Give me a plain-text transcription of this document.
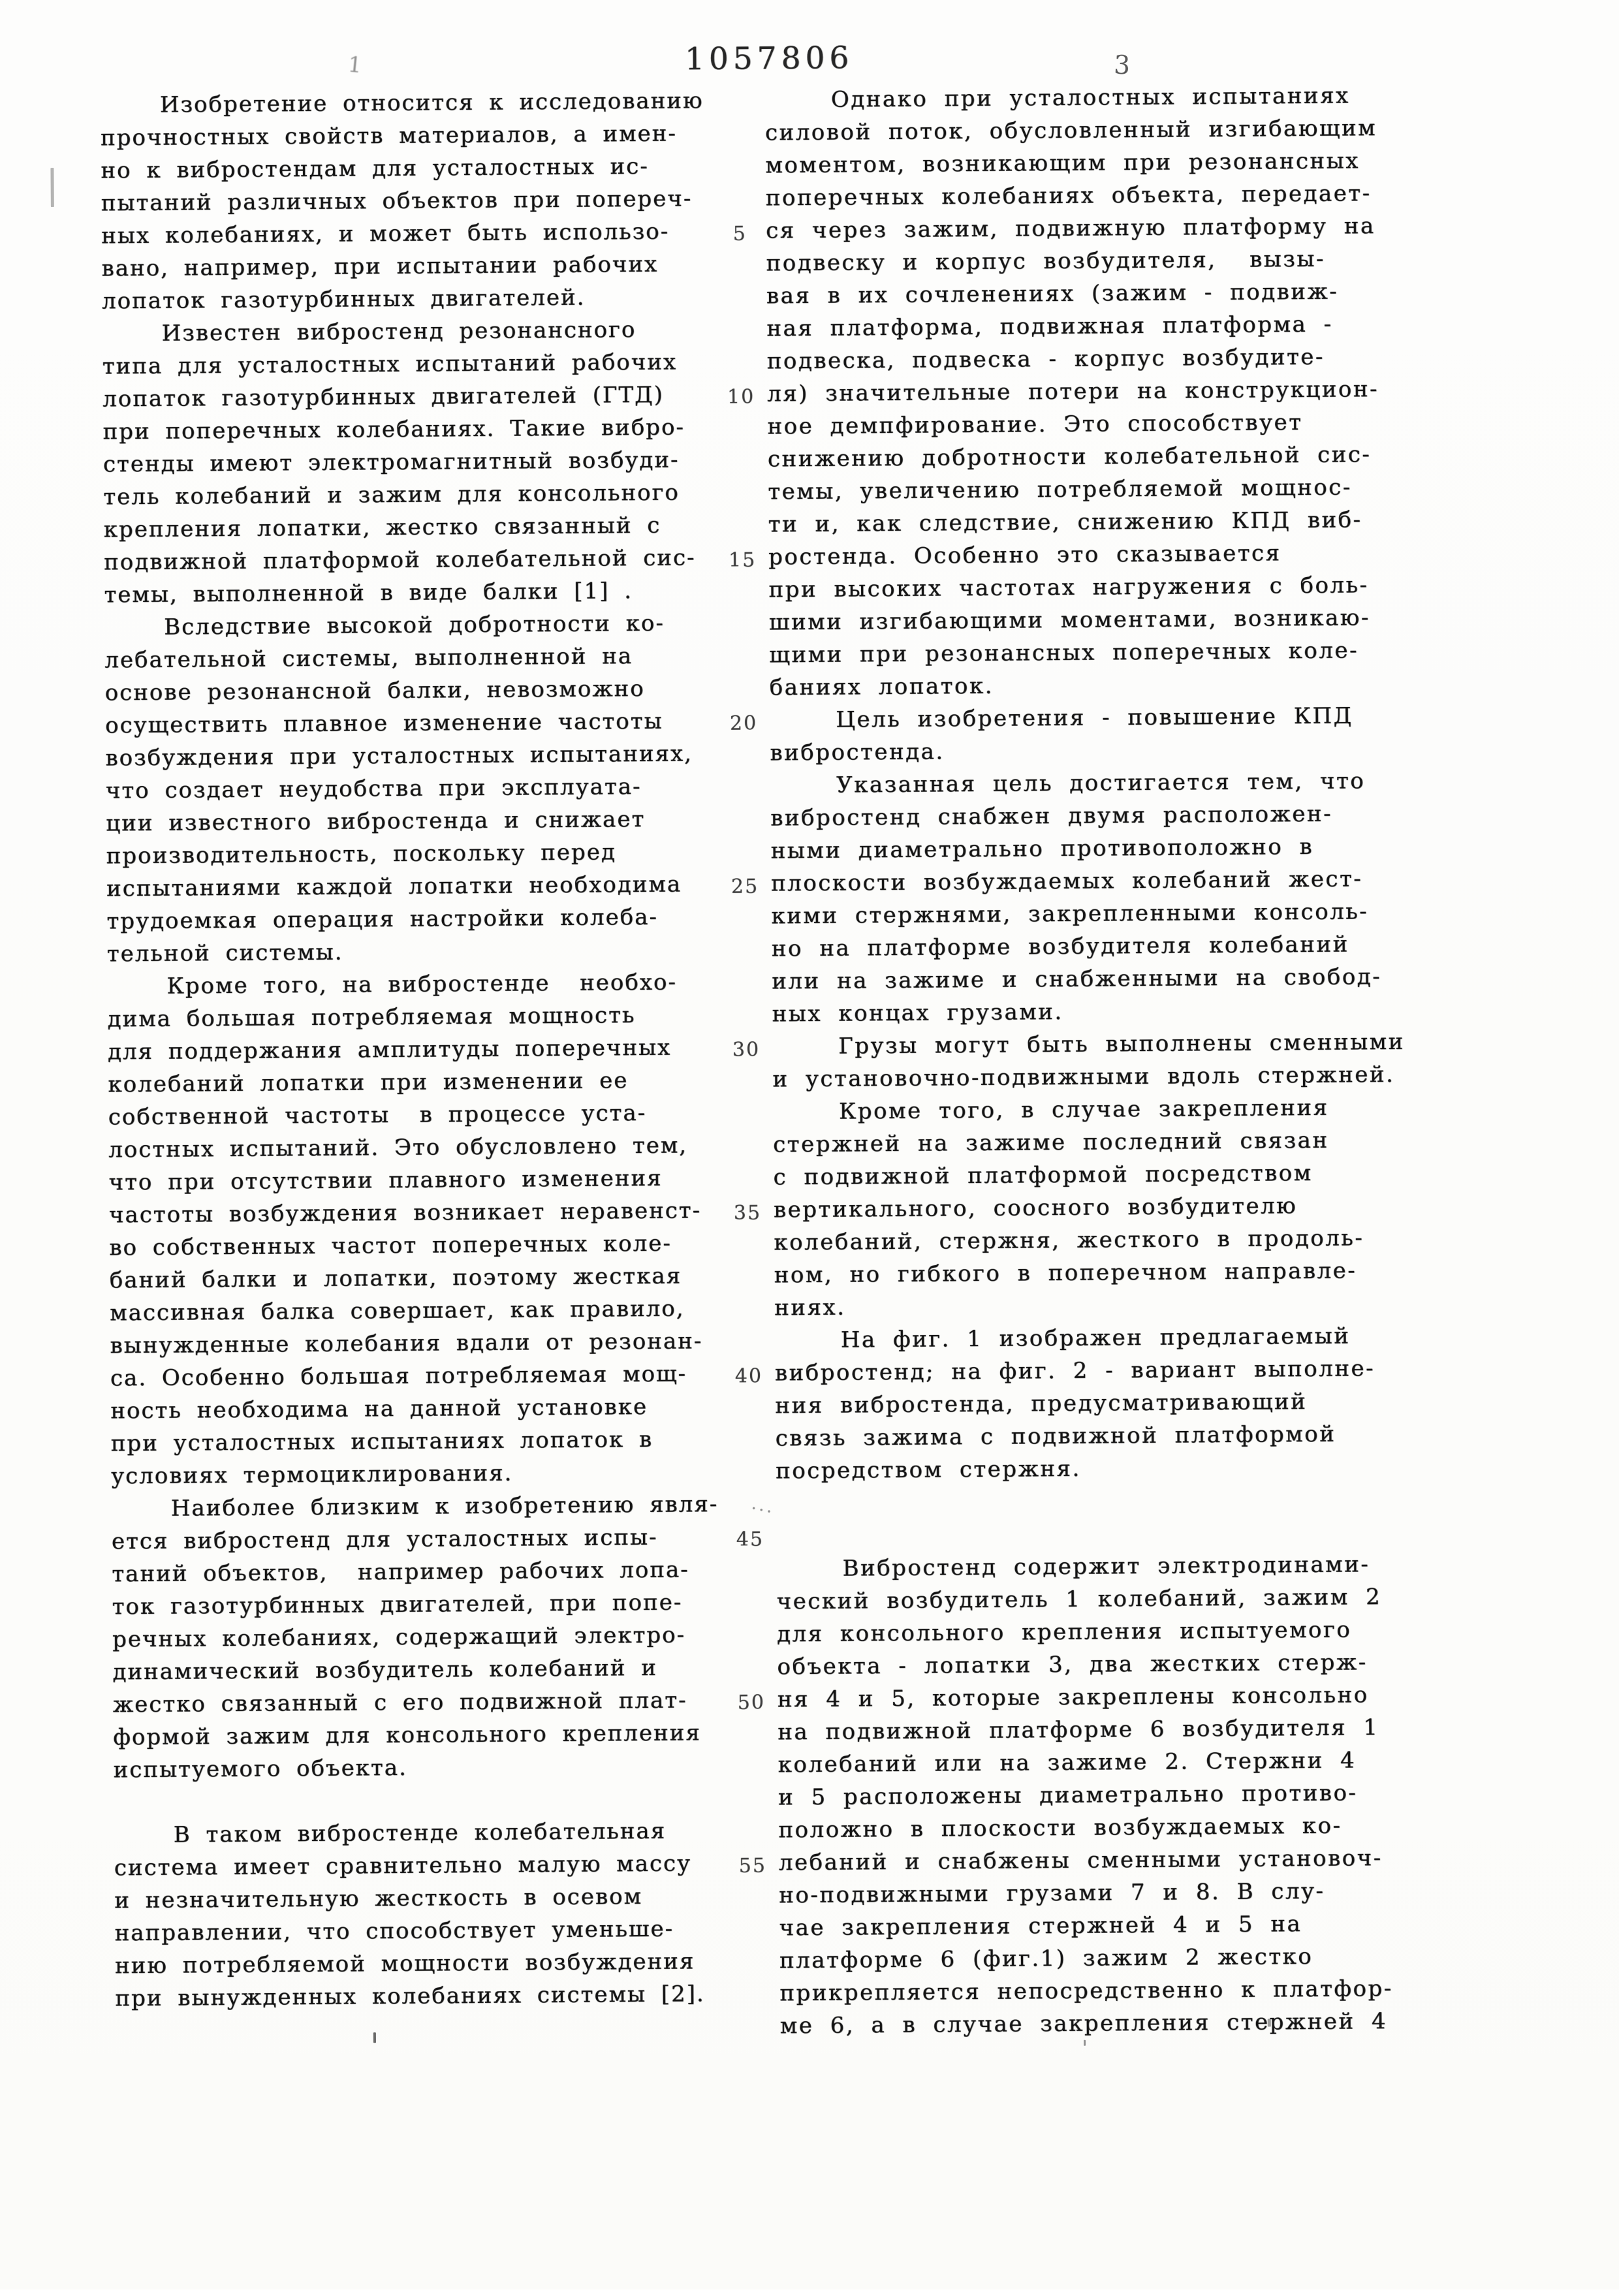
1	1057806	3
Изобретение относится к исследованию
прочностных свойств материалов, а имен-
но к вибростендам для усталостных ис-
пытаний различных объектов при попереч-
ных колебаниях, и может быть использо-
вано, например, при испытании рабочих
лопаток газотурбинных двигателей.
Известен вибростенд резонансного
типа для усталостных испытаний рабочих
лопаток газотурбинных двигателей (ГТД)
при поперечных колебаниях. Такие вибро-
стенды имеют электромагнитный возбуди-
тель колебаний и зажим для консольного
крепления лопатки, жестко связанный с
подвижной платформой колебательной сис-
темы, выполненной в виде балки [1] .
Вследствие высокой добротности ко-
лебательной системы, выполненной на
основе резонансной балки, невозможно
осуществить плавное изменение частоты
возбуждения при усталостных испытаниях,
что создает неудобства при эксплуата-
ции известного вибростенда и снижает
производительность, поскольку перед
испытаниями каждой лопатки необходима
трудоемкая операция настройки колеба-
тельной системы.
Кроме того, на вибростенде  необхо-
дима большая потребляемая мощность
для поддержания амплитуды поперечных
колебаний лопатки при изменении ее
собственной частоты  в процессе уста-
лостных испытаний. Это обусловлено тем,
что при отсутствии плавного изменения
частоты возбуждения возникает неравенст-
во собственных частот поперечных коле-
баний балки и лопатки, поэтому жесткая
массивная балка совершает, как правило,
вынужденные колебания вдали от резонан-
са. Особенно большая потребляемая мощ-
ность необходима на данной установке
при усталостных испытаниях лопаток в
условиях термоциклирования.
Наиболее близким к изобретению явля-
ется вибростенд для усталостных испы-
таний объектов,  например рабочих лопа-
ток газотурбинных двигателей, при попе-
речных колебаниях, содержащий электро-
динамический возбудитель колебаний и
жестко связанный с его подвижной плат-
формой зажим для консольного крепления
испытуемого объекта.
В таком вибростенде колебательная
система имеет сравнительно малую массу
и незначительную жесткость в осевом
направлении, что способствует уменьше-
нию потребляемой мощности возбуждения
при вынужденных колебаниях системы [2].
5
10
15
20
25
30
35
40
45
50
55
Однако при усталостных испытаниях
силовой поток, обусловленный изгибающим
моментом, возникающим при резонансных
поперечных колебаниях объекта, передает-
ся через зажим, подвижную платформу на
подвеску и корпус возбудителя,  вызы-
вая в их сочленениях (зажим - подвиж-
ная платформа, подвижная платформа -
подвеска, подвеска - корпус возбудите-
ля) значительные потери на конструкцион-
ное демпфирование. Это способствует
снижению добротности колебательной сис-
темы, увеличению потребляемой мощнос-
ти и, как следствие, снижению КПД виб-
ростенда. Особенно это сказывается
при высоких частотах нагружения с боль-
шими изгибающими моментами, возникаю-
щими при резонансных поперечных коле-
баниях лопаток.
Цель изобретения - повышение КПД
вибростенда.
Указанная цель достигается тем, что
вибростенд снабжен двумя расположен-
ными диаметрально противоположно в
плоскости возбуждаемых колебаний жест-
кими стержнями, закрепленными консоль-
но на платформе возбудителя колебаний
или на зажиме и снабженными на свобод-
ных концах грузами.
Грузы могут быть выполнены сменными
и установочно-подвижными вдоль стержней.
Кроме того, в случае закрепления
стержней на зажиме последний связан
с подвижной платформой посредством
вертикального, соосного возбудителю
колебаний, стержня, жесткого в продоль-
ном, но гибкого в поперечном направле-
ниях.
На фиг. 1 изображен предлагаемый
вибростенд; на фиг. 2 - вариант выполне-
ния вибростенда, предусматривающий
связь зажима с подвижной платформой
посредством стержня.
Вибростенд содержит электродинами-
ческий возбудитель 1 колебаний, зажим 2
для консольного крепления испытуемого
объекта - лопатки 3, два жестких стерж-
ня 4 и 5, которые закреплены консольно
на подвижной платформе 6 возбудителя 1
колебаний или на зажиме 2. Стержни 4
и 5 расположены диаметрально противо-
положно в плоскости возбуждаемых ко-
лебаний и снабжены сменными установоч-
но-подвижными грузами 7 и 8. В слу-
чае закрепления стержней 4 и 5 на
платформе 6 (фиг.1) зажим 2 жестко
прикрепляется непосредственно к платфор-
ме 6, а в случае закрепления стержней 4
...
